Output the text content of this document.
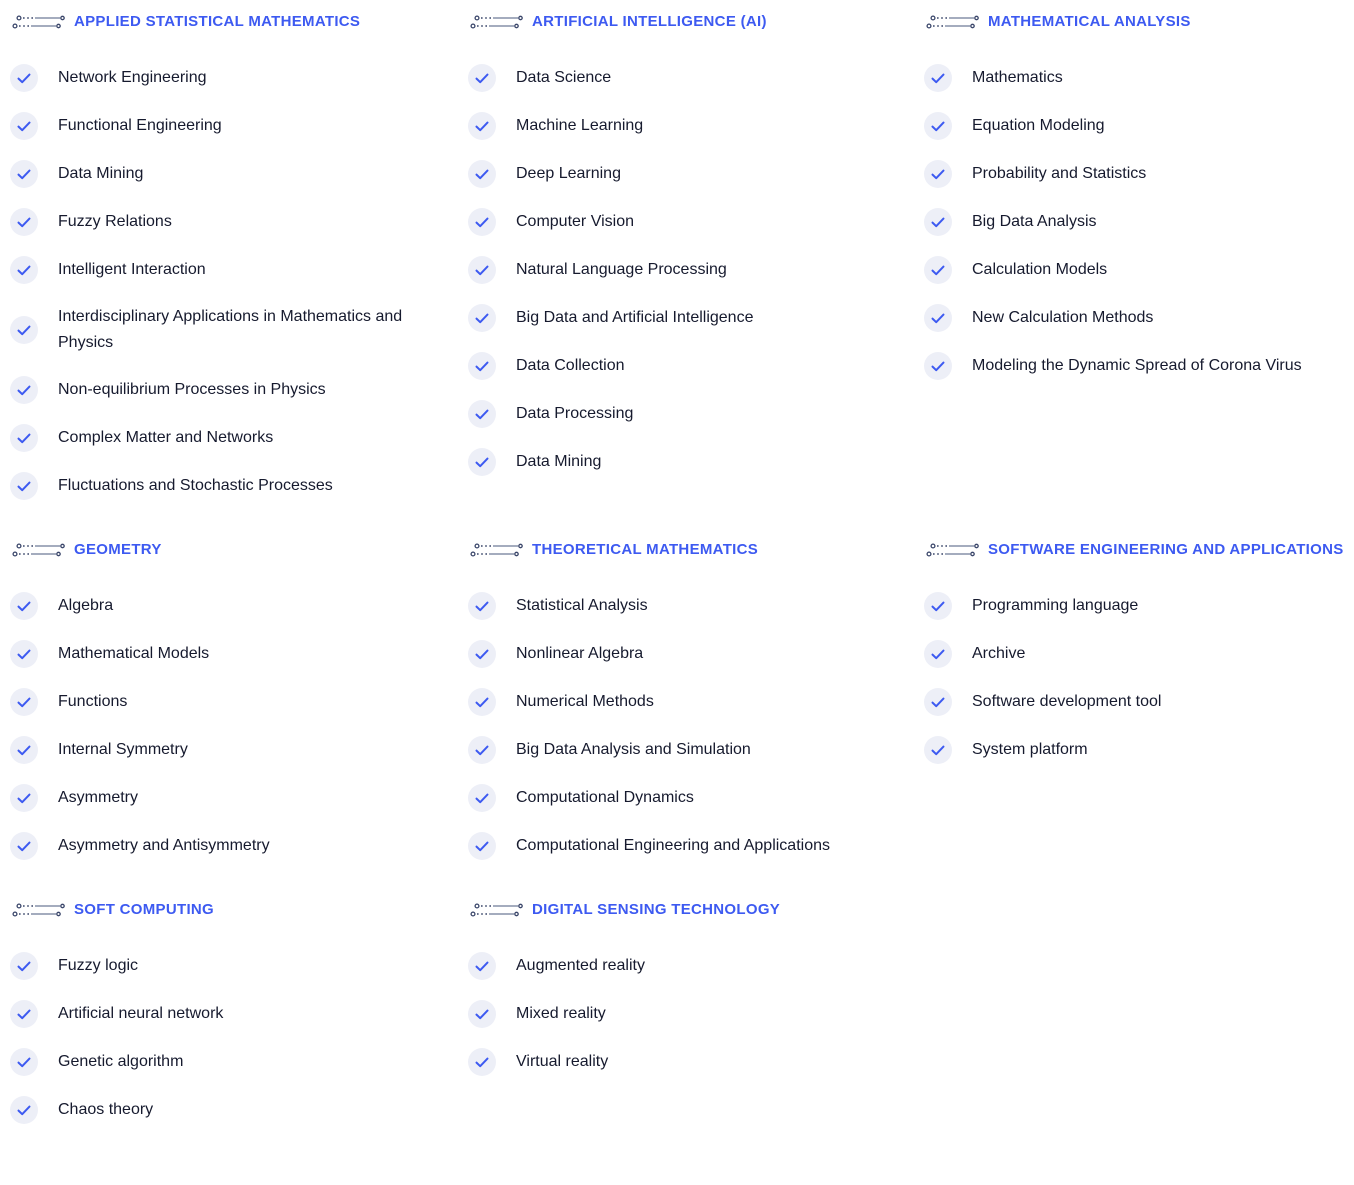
APPLIED STATISTICAL MATHEMATICS
Network Engineering
Functional Engineering
Data Mining
Fuzzy Relations
Intelligent Interaction
Interdisciplinary Applications in Mathematics and Physics
Non-equilibrium Processes in Physics
Complex Matter and Networks
Fluctuations and Stochastic Processes
ARTIFICIAL INTELLIGENCE (AI)
Data Science
Machine Learning
Deep Learning
Computer Vision
Natural Language Processing
Big Data and Artificial Intelligence
Data Collection
Data Processing
Data Mining
MATHEMATICAL ANALYSIS
Mathematics
Equation Modeling
Probability and Statistics
Big Data Analysis
Calculation Models
New Calculation Methods
Modeling the Dynamic Spread of Corona Virus
GEOMETRY
Algebra
Mathematical Models
Functions
Internal Symmetry
Asymmetry
Asymmetry and Antisymmetry
THEORETICAL MATHEMATICS
Statistical Analysis
Nonlinear Algebra
Numerical Methods
Big Data Analysis and Simulation
Computational Dynamics
Computational Engineering and Applications
SOFTWARE ENGINEERING AND APPLICATIONS
Programming language
Archive
Software development tool
System platform
SOFT COMPUTING
Fuzzy logic
Artificial neural network
Genetic algorithm
Chaos theory
DIGITAL SENSING TECHNOLOGY
Augmented reality
Mixed reality
Virtual reality
